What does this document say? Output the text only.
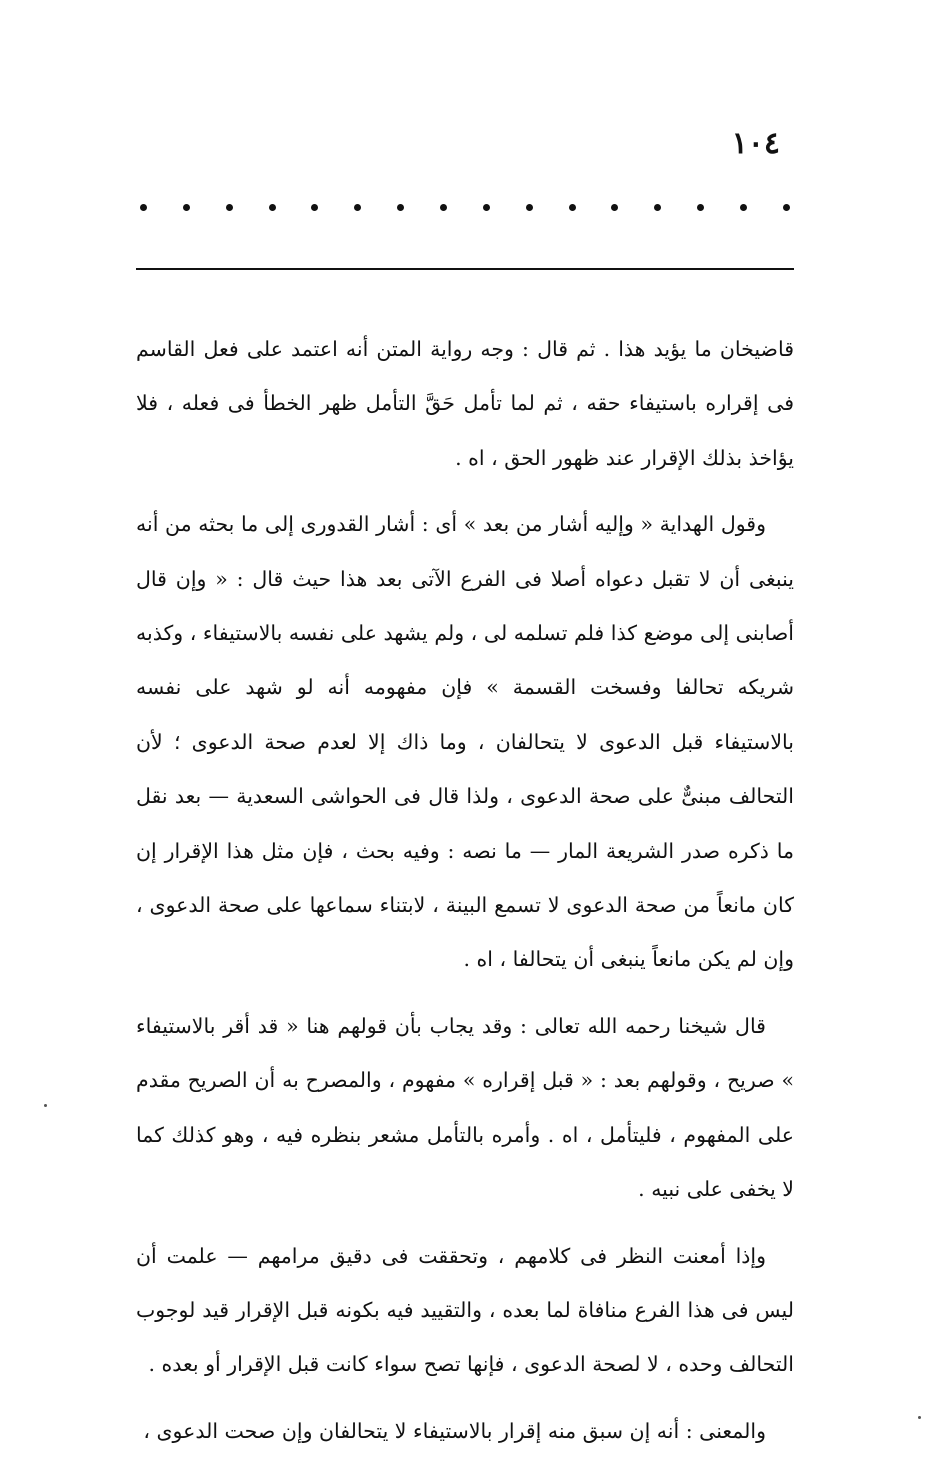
١٠٤

قاضيخان ما يؤيد هذا . ثم قال : وجه رواية المتن أنه اعتمد على فعل القاسم فى إقراره باستيفاء حقه ، ثم لما تأمل حَقَّ التأمل ظهر الخطأ فى فعله ، فلا يؤاخذ بذلك الإقرار عند ظهور الحق ، اه .

وقول الهداية « وإليه أشار من بعد » أى : أشار القدورى إلى ما بحثه من أنه ينبغى أن لا تقبل دعواه أصلا فى الفرع الآتى بعد هذا حيث قال : « وإن قال أصابنى إلى موضع كذا فلم تسلمه لى ، ولم يشهد على نفسه بالاستيفاء ، وكذبه شريكه تحالفا وفسخت القسمة » فإن مفهومه أنه لو شهد على نفسه بالاستيفاء قبل الدعوى لا يتحالفان ، وما ذاك إلا لعدم صحة الدعوى ؛ لأن التحالف مبنىٌّ على صحة الدعوى ، ولذا قال فى الحواشى السعدية — بعد نقل ما ذكره صدر الشريعة المار — ما نصه : وفيه بحث ، فإن مثل هذا الإقرار إن كان مانعاً من صحة الدعوى لا تسمع البينة ، لابتناء سماعها على صحة الدعوى ، وإن لم يكن مانعاً ينبغى أن يتحالفا ، اه .

قال شيخنا رحمه الله تعالى : وقد يجاب بأن قولهم هنا « قد أقر بالاستيفاء » صريح ، وقولهم بعد : « قبل إقراره » مفهوم ، والمصرح به أن الصريح مقدم على المفهوم ، فليتأمل ، اه . وأمره بالتأمل مشعر بنظره فيه ، وهو كذلك كما لا يخفى على نبيه .

وإذا أمعنت النظر فى كلامهم ، وتحققت فى دقيق مرامهم — علمت أن ليس فى هذا الفرع منافاة لما بعده ، والتقييد فيه بكونه قبل الإقرار قيد لوجوب التحالف وحده ، لا لصحة الدعوى ، فإنها تصح سواء كانت قبل الإقرار أو بعده .

والمعنى : أنه إن سبق منه إقرار بالاستيفاء لا يتحالفان وإن صحت الدعوى ،
